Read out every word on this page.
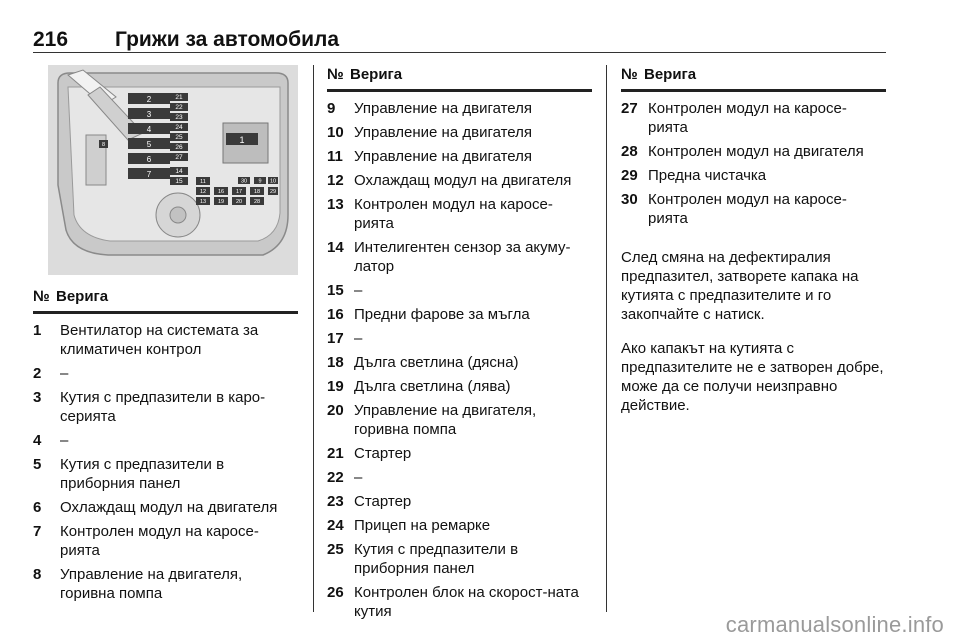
216 Грижи за автомобила
1
2
3
4
5
6
7
21
22
23
24
25
26
27
14
15	11
12
13
16 17 18
19 20 28
29
8
30 9 10
№ Верига
1 Вентилатор на системата за климатичен контрол
2 –
3 Кутия с предпазители в каро-серията
4 –
5 Кутия с предпазители в приборния панел
6 Охлаждащ модул на двигателя
7 Контролен модул на каросе-рията
8 Управление на двигателя, горивна помпа
№ Верига
9 Управление на двигателя
10 Управление на двигателя
11 Управление на двигателя
12 Охлаждащ модул на двигателя
13 Контролен модул на каросе-рията
14 Интелигентен сензор за акуму-латор
15 –
16 Предни фарове за мъгла
17 –
18 Дълга светлина (дясна)
19 Дълга светлина (лява)
20 Управление на двигателя, горивна помпа
21 Стартер
22 –
23 Стартер
24 Прицеп на ремарке
25 Кутия с предпазители в приборния панел
26 Контролен блок на скорост-ната кутия
№ Верига
27 Контролен модул на каросе-рията
28 Контролен модул на двигателя
29 Предна чистачка
30 Контролен модул на каросе-рията

След смяна на дефектиралия предпазител, затворете капака на кутията с предпазителите и го закопчайте с натиск.

Ако капакът на кутията с предпазителите не е затворен добре, може да се получи неизправно действие.

carmanualsonline.info
